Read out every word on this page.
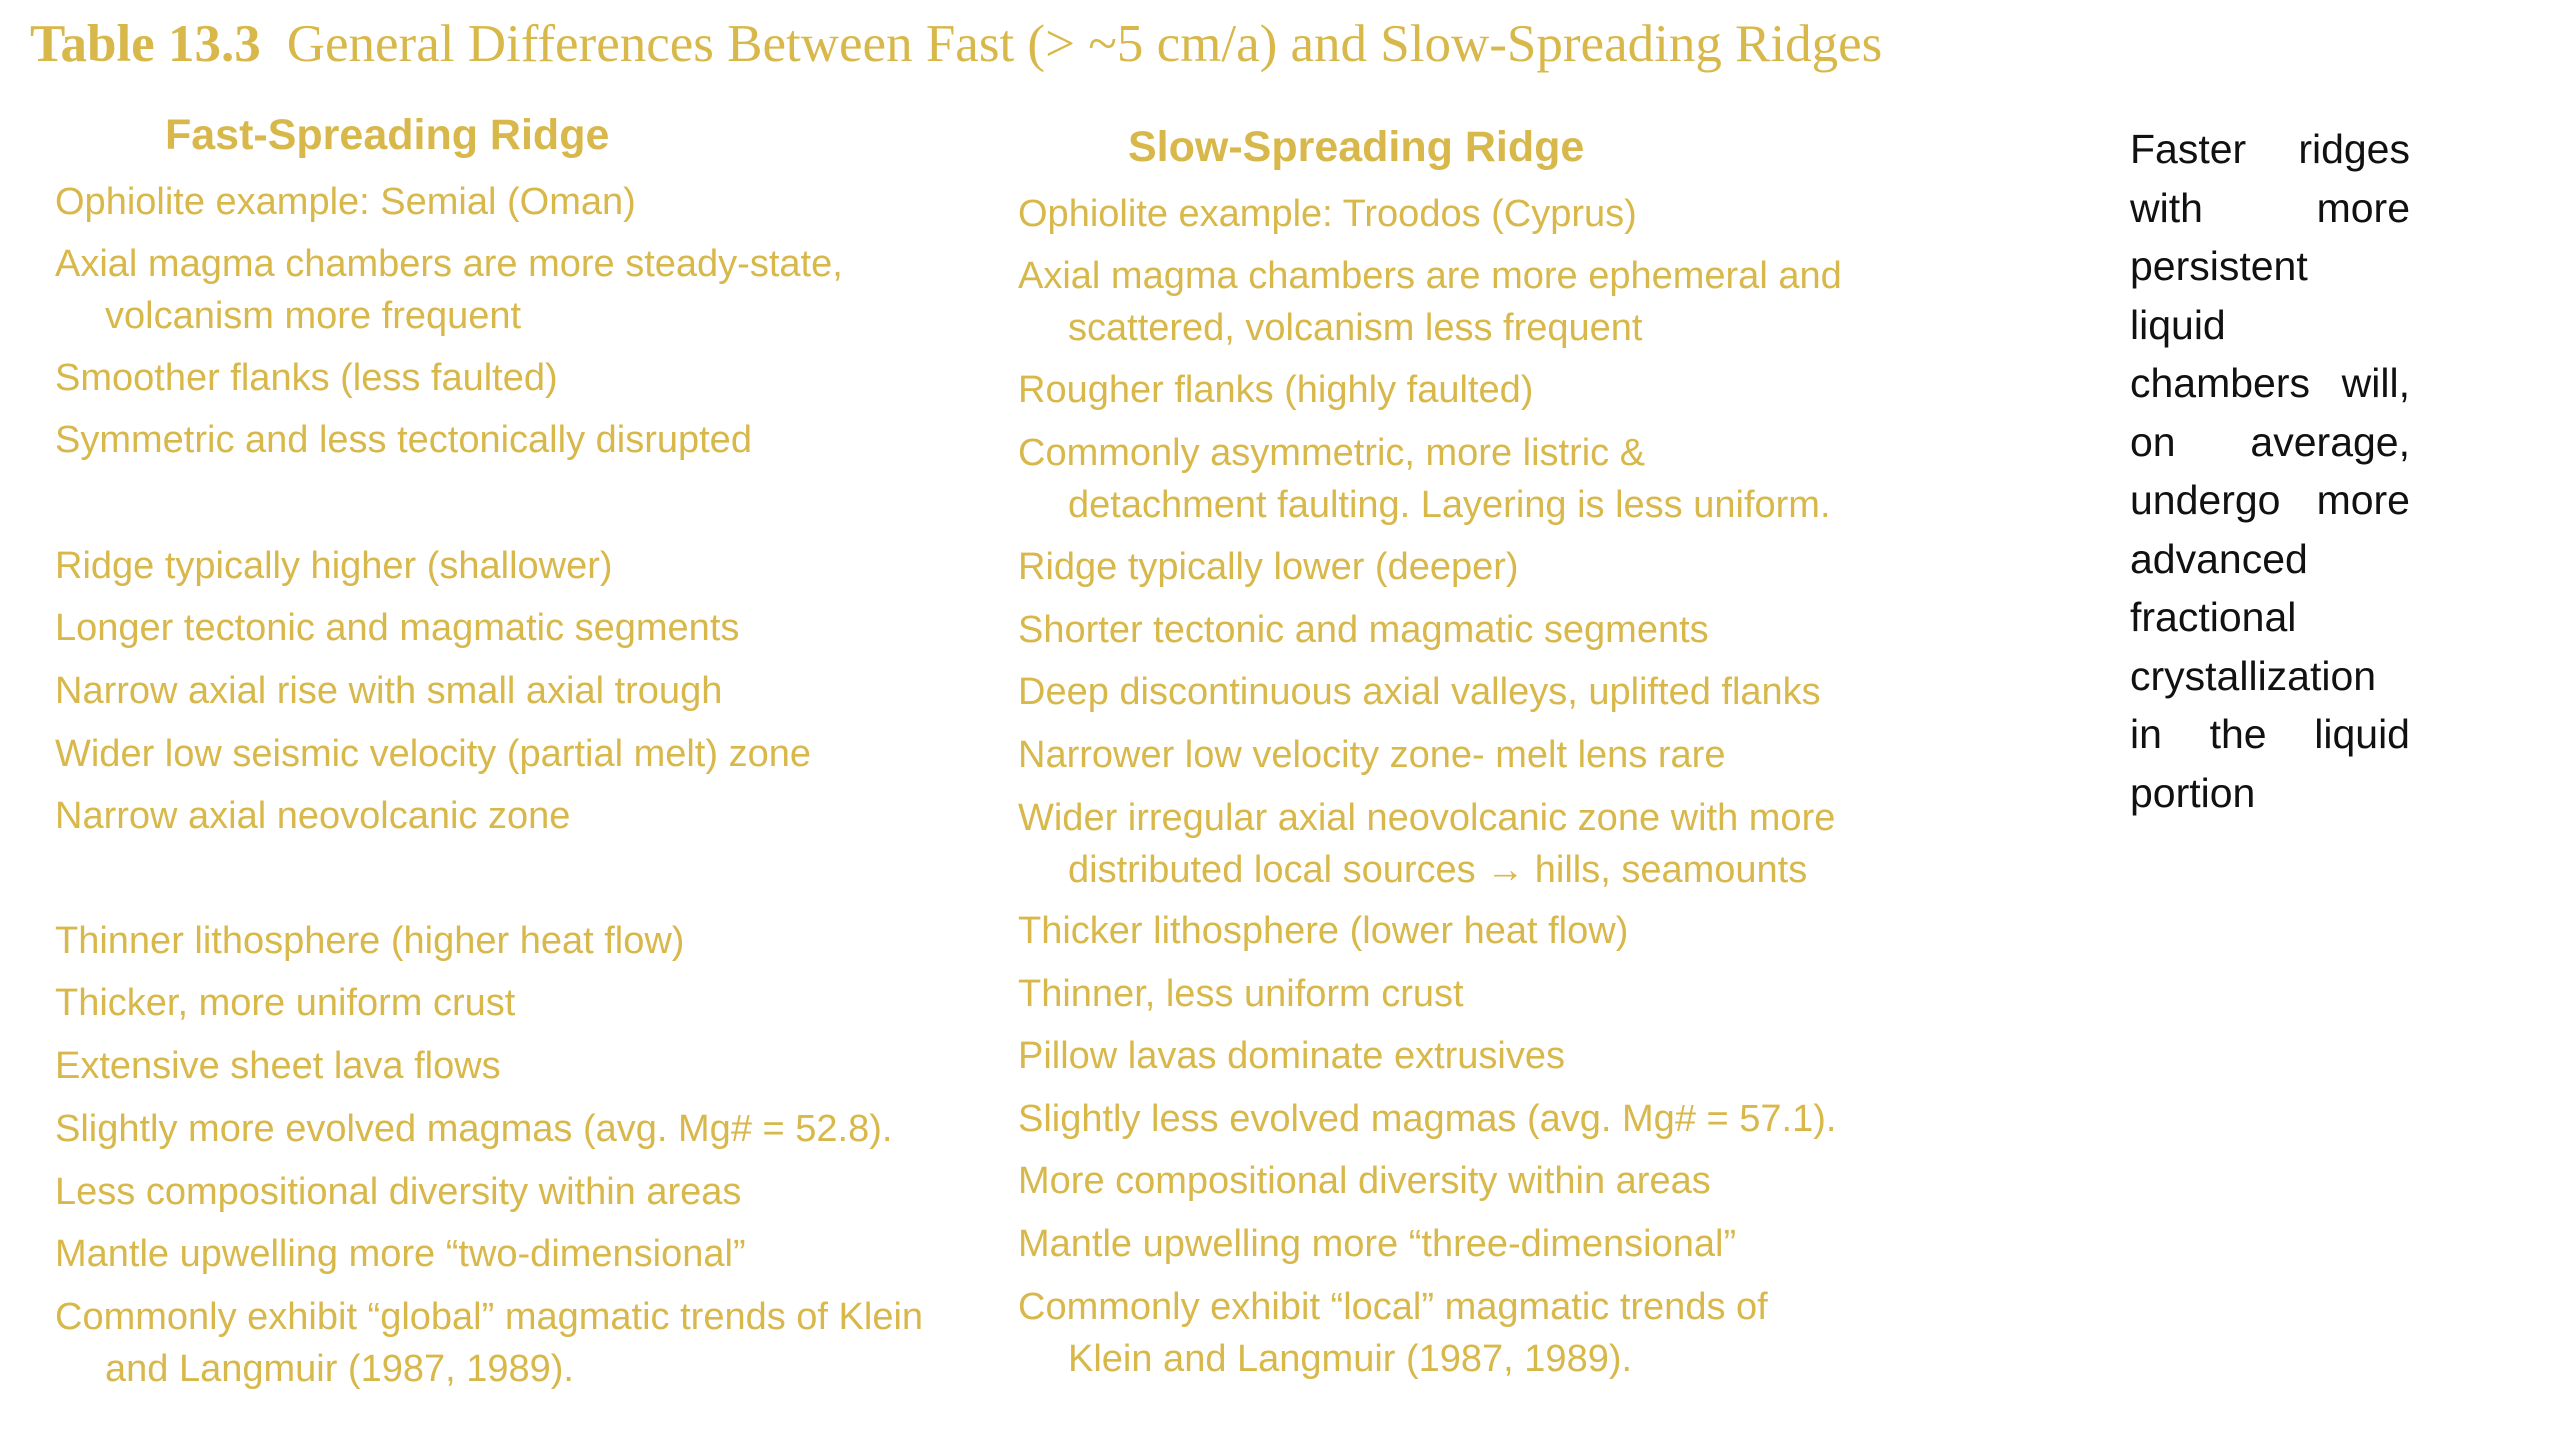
Table 13.3 General Differences Between Fast (> ~5 cm/a) and Slow-Spreading Ridges
Fast-Spreading Ridge
Ophiolite example: Semial (Oman)
Axial magma chambers are more steady-state,
volcanism more frequent
Smoother flanks (less faulted)
Symmetric and less tectonically disrupted
Ridge typically higher (shallower)
Longer tectonic and magmatic segments
Narrow axial rise with small axial trough
Wider low seismic velocity (partial melt) zone
Narrow axial neovolcanic zone
Thinner lithosphere (higher heat flow)
Thicker, more uniform crust
Extensive sheet lava flows
Slightly more evolved magmas (avg. Mg# = 52.8).
Less compositional diversity within areas
Mantle upwelling more “two-dimensional”
Commonly exhibit “global” magmatic trends of Klein
and Langmuir (1987, 1989).
Slow-Spreading Ridge
Ophiolite example: Troodos (Cyprus)
Axial magma chambers are more ephemeral and
scattered, volcanism less frequent
Rougher flanks (highly faulted)
Commonly asymmetric, more listric &
detachment faulting. Layering is less uniform.
Ridge typically lower (deeper)
Shorter tectonic and magmatic segments
Deep discontinuous axial valleys, uplifted flanks
Narrower low velocity zone- melt lens rare
Wider irregular axial neovolcanic zone with more
distributed local sources → hills, seamounts
Thicker lithosphere (lower heat flow)
Thinner, less uniform crust
Pillow lavas dominate extrusives
Slightly less evolved magmas (avg. Mg# = 57.1).
More compositional diversity within areas
Mantle upwelling more “three-dimensional”
Commonly exhibit “local” magmatic trends of
Klein and Langmuir (1987, 1989).
Faster ridges with more persistent liquid chambers will, on average, undergo more advanced fractional crystallization in the liquid portion
